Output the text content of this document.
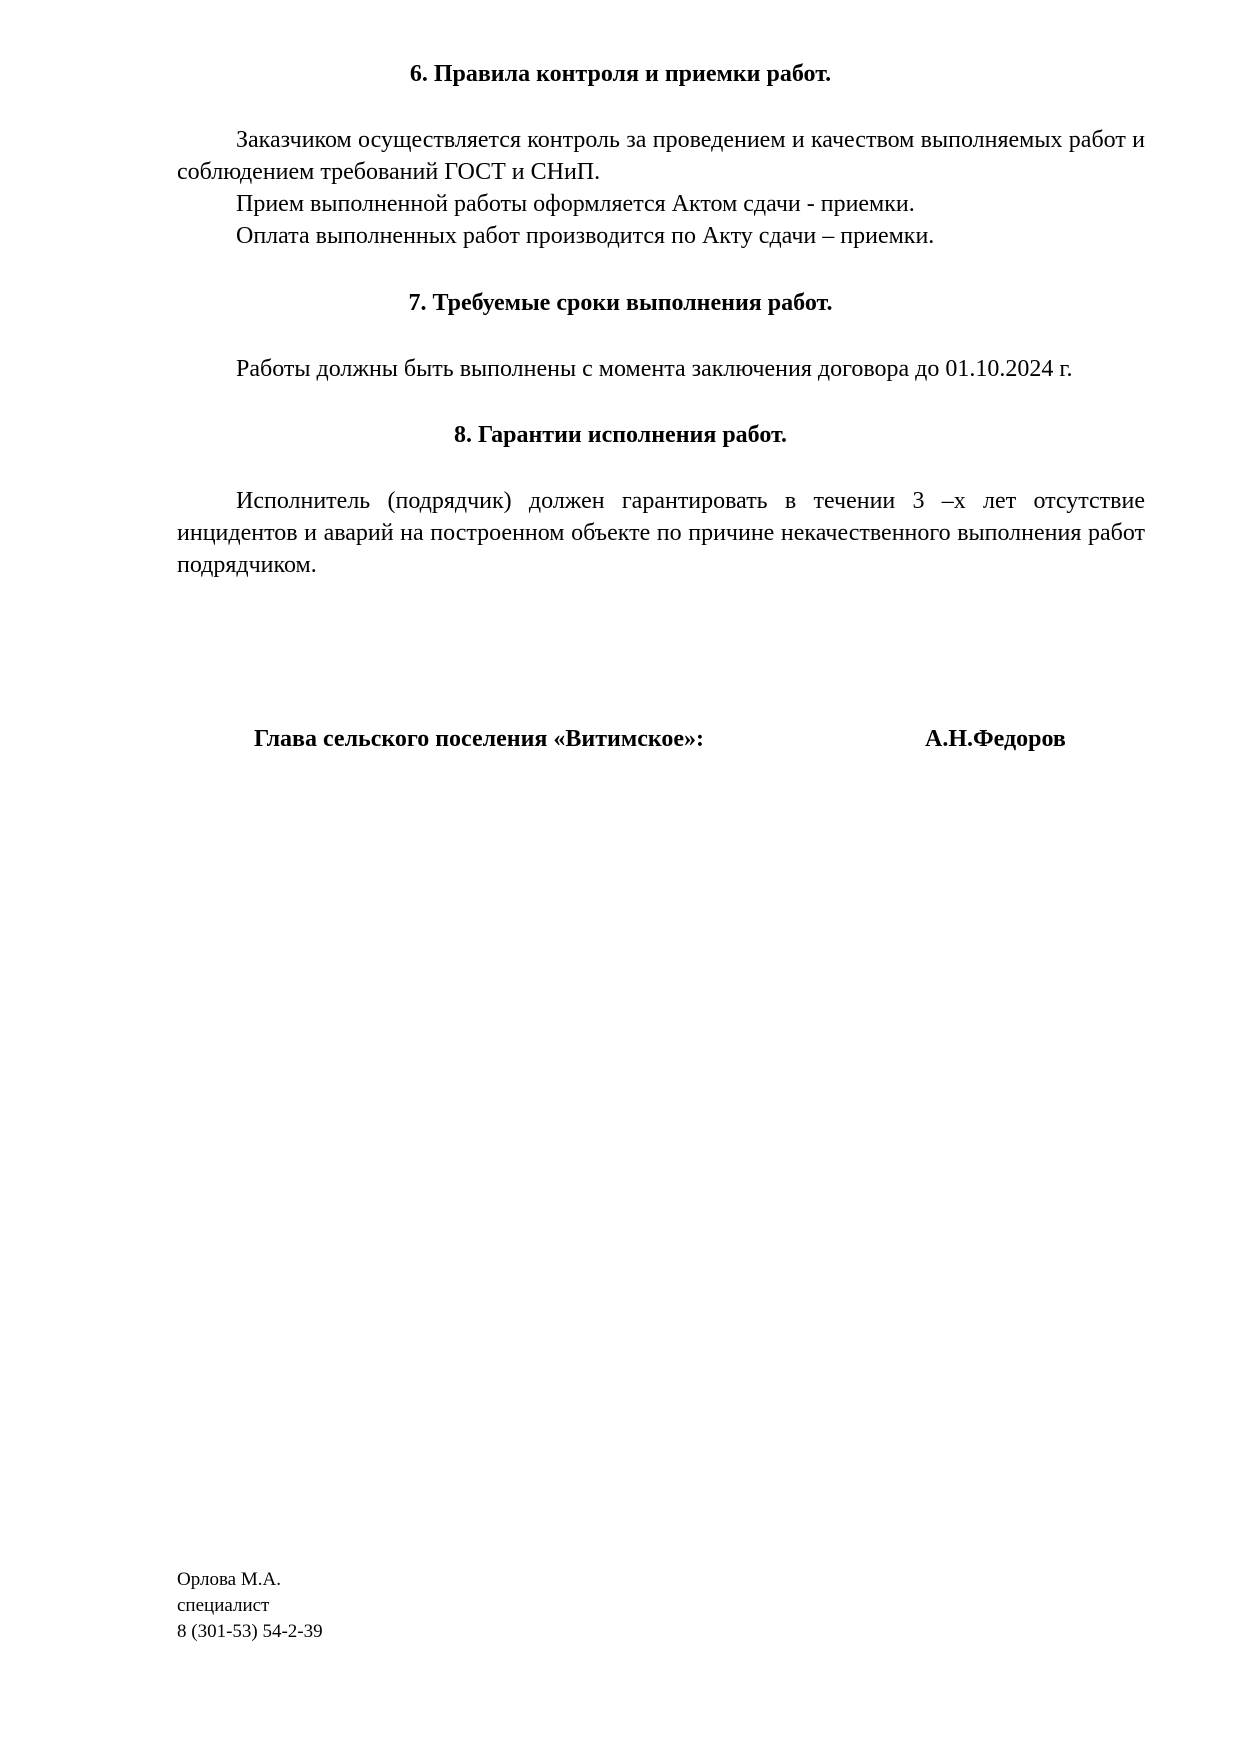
6. Правила контроля и приемки работ.

Заказчиком осуществляется контроль за проведением и качеством выполняемых работ и соблюдением требований ГОСТ и СНиП.

Прием выполненной работы оформляется Актом сдачи - приемки.
Оплата выполненных работ производится по Акту сдачи – приемки.
7. Требуемые сроки выполнения работ.
Работы должны быть выполнены с момента заключения договора до 01.10.2024 г.
8. Гарантии исполнения работ.

Исполнитель (подрядчик) должен гарантировать в течении 3 –х лет отсутствие инцидентов и аварий на построенном объекте по причине некачественного выполнения работ подрядчиком.

Глава сельского поселения «Витимское»:	А.Н.Федоров
Орлова М.А.
специалист
8 (301-53) 54-2-39
